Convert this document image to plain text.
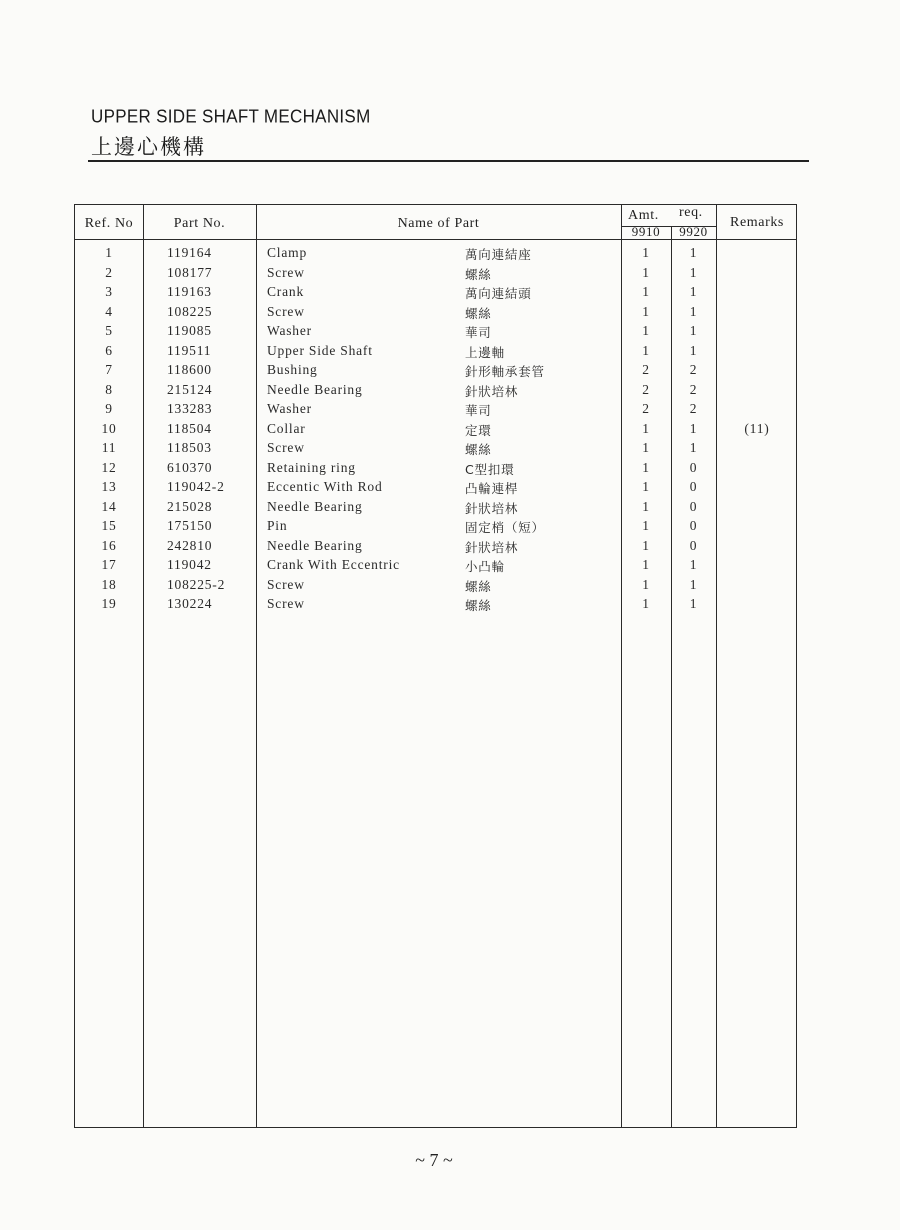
UPPER SIDE SHAFT MECHANISM
上邊心機構
Ref. No	Part No.	Name of Part
Amt. req.
9910	9920
Remarks
1	119164	Clamp	萬向連結座	1	1
2	108177	Screw	螺絲	1	1
3	119163	Crank	萬向連結頭	1	1
4	108225	Screw	螺絲	1	1
5	119085	Washer	華司	1	1
6	119511	Upper Side Shaft	上邊軸	1	1
7	118600	Bushing	針形軸承套管	2	2
8	215124	Needle Bearing	針狀培林	2	2
9	133283	Washer	華司	2	2
10	118504	Collar	定環	1	1	(11)
11	118503	Screw	螺絲	1	1
12	610370	Retaining ring	C型扣環	1	0
13	119042-2	Eccentic With Rod	凸輪連桿	1	0
14	215028	Needle Bearing	針狀培林	1	0
15	175150	Pin	固定梢（短）	1	0
16	242810	Needle Bearing	針狀培林	1	0
17	119042	Crank With Eccentric	小凸輪	1	1
18	108225-2	Screw	螺絲	1	1
19	130224	Screw	螺絲	1	1
~ 7 ~
